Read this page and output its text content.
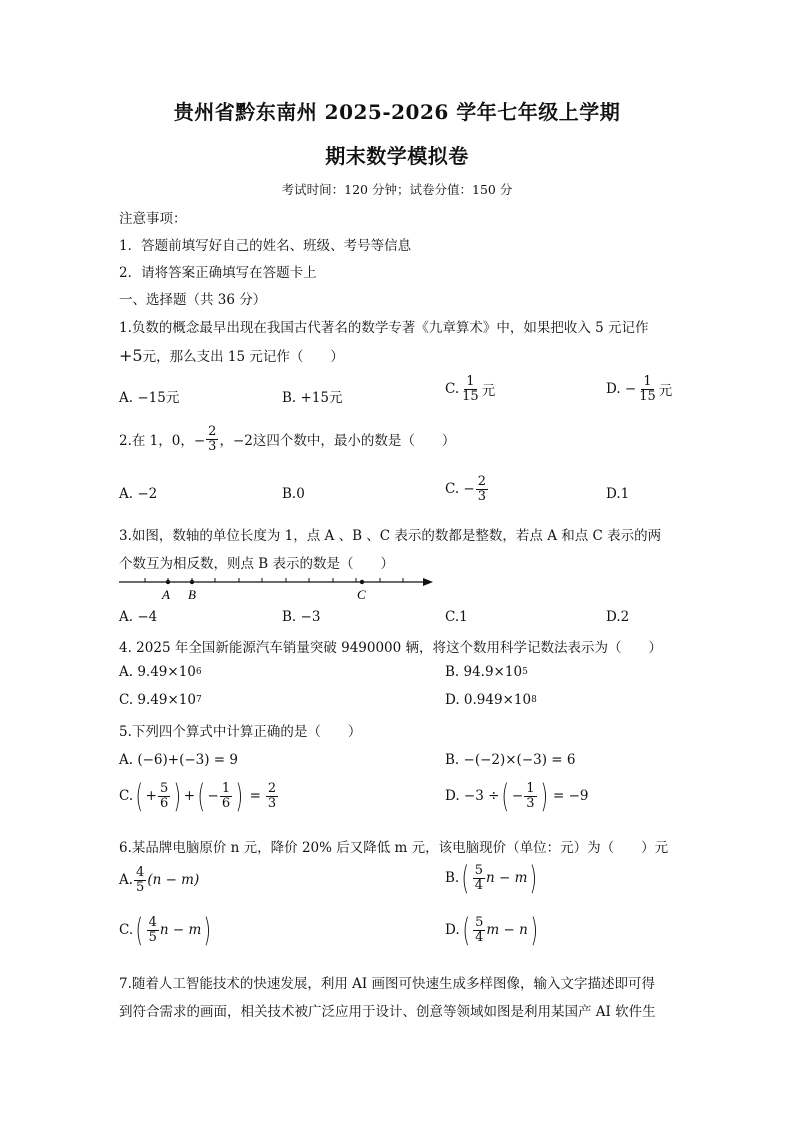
贵州省黔东南州 2025-2026 学年七年级上学期
期末数学模拟卷
考试时间：120 分钟；试卷分值：150 分
注意事项：
1．答题前填写好自己的姓名、班级、考号等信息
2．请将答案正确填写在答题卡上
一、选择题（共 36 分）
1.负数的概念最早出现在我国古代著名的数学专著《九章算术》中，如果把收入 5 元记作
+5元，那么支出 15 元记作（　　）
A. −15元	B. +15元
C. $\frac{1}{15}$ 元	D. − $\frac{1}{15}$ 元
2.在 1，0，− $\frac{2}{3}$ ，−2这四个数中，最小的数是（　　）
A. −2	B.0	C. − $\frac{2}{3}$	D.1
3.如图，数轴的单位长度为 1，点 A 、B 、C 表示的数都是整数，若点 A 和点 C 表示的两
个数互为相反数，则点 B 表示的数是（　　）
A B	C
A. −4	B. −3	C.1	D.2
4. 2025 年全国新能源汽车销量突破 9490000 辆，将这个数用科学记数法表示为（　　）
A. 9.49×10 6	B. 94.9×10 5
C. 9.49×10 7	D. 0.949×10 8
5.下列四个算式中计算正确的是（　　）
A. (−6)+(−3) = 9	B. −(−2)×(−3) = 6
C. ( + $\frac{5}{6}$ ) + ( − $\frac{1}{6}$ ) = $\frac{2}{3}$	D. −3 ÷ ( − $\frac{1}{3}$ ) = −9
6.某品牌电脑原价 n 元，降价 20% 后又降低 m 元，该电脑现价（单位：元）为（　　）元
A. $\frac{4}{5} (n - m)$	B. ( $\frac{5}{4}$ n − m )
C. ( $\frac{4}{5}$ n − m )	D. ( $\frac{5}{4}$ m − n )
7.随着人工智能技术的快速发展，利用 AI 画图可快速生成多样图像，输入文字描述即可得
到符合需求的画面，相关技术被广泛应用于设计、创意等领域如图是利用某国产 AI 软件生
